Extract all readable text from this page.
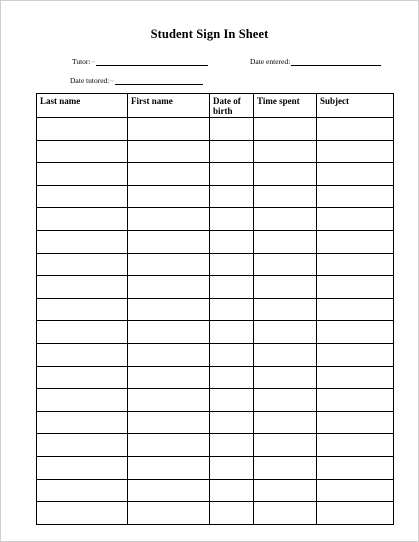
Student Sign In Sheet
Tutor: ~	Date entered:
Date tutored: ~
Last name	First name	Date of birth	Time spent	Subject
